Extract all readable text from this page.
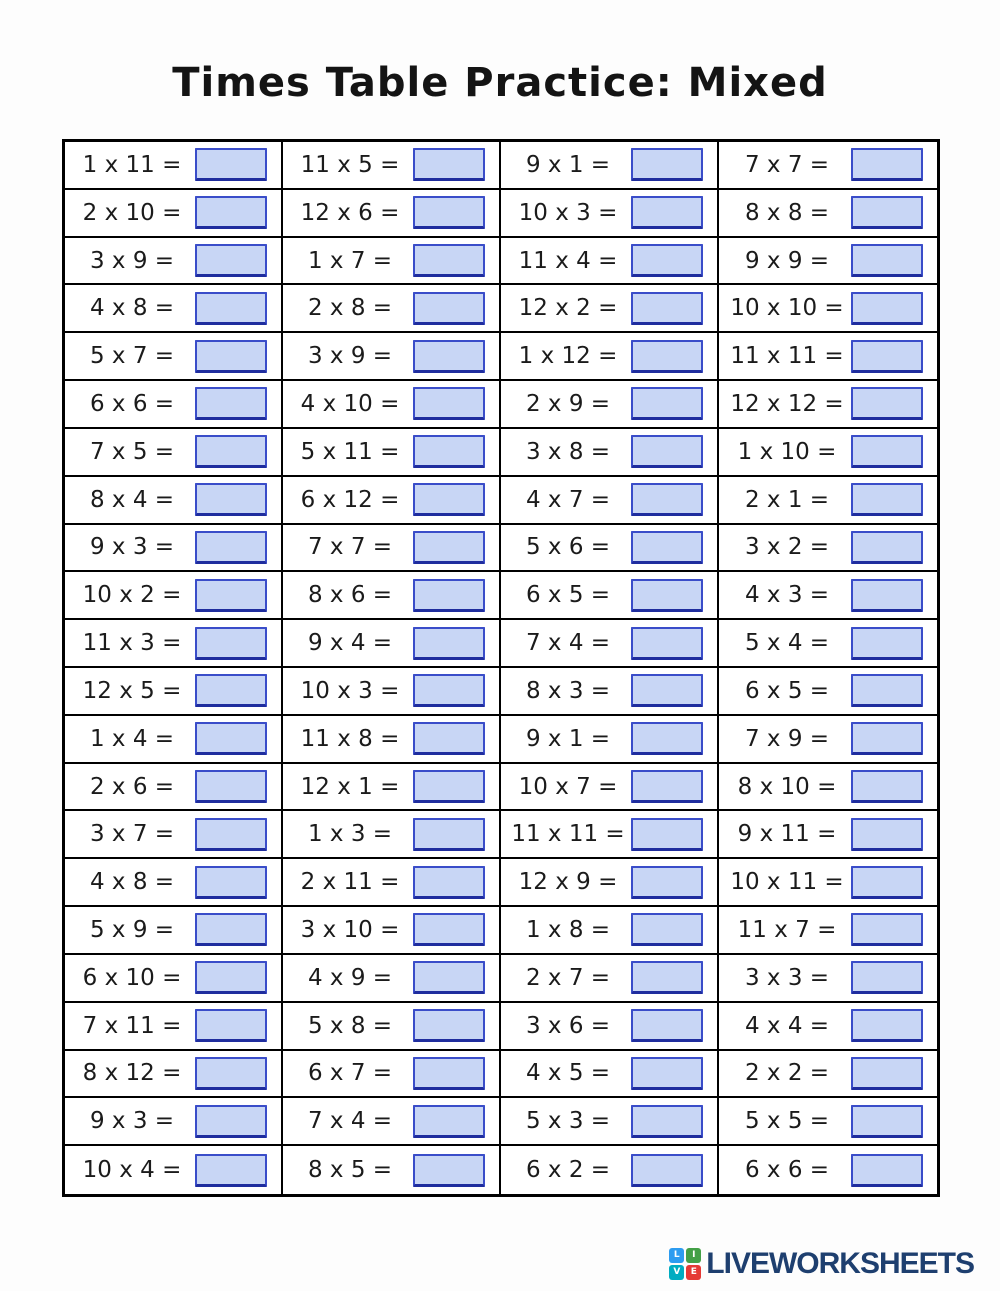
Times Table Practice: Mixed
1 x 11 =	11 x 5 =	9 x 1 =	7 x 7 =
2 x 10 =	12 x 6 =	10 x 3 =	8 x 8 =
3 x 9 =	1 x 7 =	11 x 4 =	9 x 9 =
4 x 8 =	2 x 8 =	12 x 2 =	10 x 10 =
5 x 7 =	3 x 9 =	1 x 12 =	11 x 11 =
6 x 6 =	4 x 10 =	2 x 9 =	12 x 12 =
7 x 5 =	5 x 11 =	3 x 8 =	1 x 10 =
8 x 4 =	6 x 12 =	4 x 7 =	2 x 1 =
9 x 3 =	7 x 7 =	5 x 6 =	3 x 2 =
10 x 2 =	8 x 6 =	6 x 5 =	4 x 3 =
11 x 3 =	9 x 4 =	7 x 4 =	5 x 4 =
12 x 5 =	10 x 3 =	8 x 3 =	6 x 5 =
1 x 4 =	11 x 8 =	9 x 1 =	7 x 9 =
2 x 6 =	12 x 1 =	10 x 7 =	8 x 10 =
3 x 7 =	1 x 3 =	11 x 11 =	9 x 11 =
4 x 8 =	2 x 11 =	12 x 9 =	10 x 11 =
5 x 9 =	3 x 10 =	1 x 8 =	11 x 7 =
6 x 10 =	4 x 9 =	2 x 7 =	3 x 3 =
7 x 11 =	5 x 8 =	3 x 6 =	4 x 4 =
8 x 12 =	6 x 7 =	4 x 5 =	2 x 2 =
9 x 3 =	7 x 4 =	5 x 3 =	5 x 5 =
10 x 4 =	8 x 5 =	6 x 2 =	6 x 6 =
L	I
V	E LIVEWORKSHEETS
